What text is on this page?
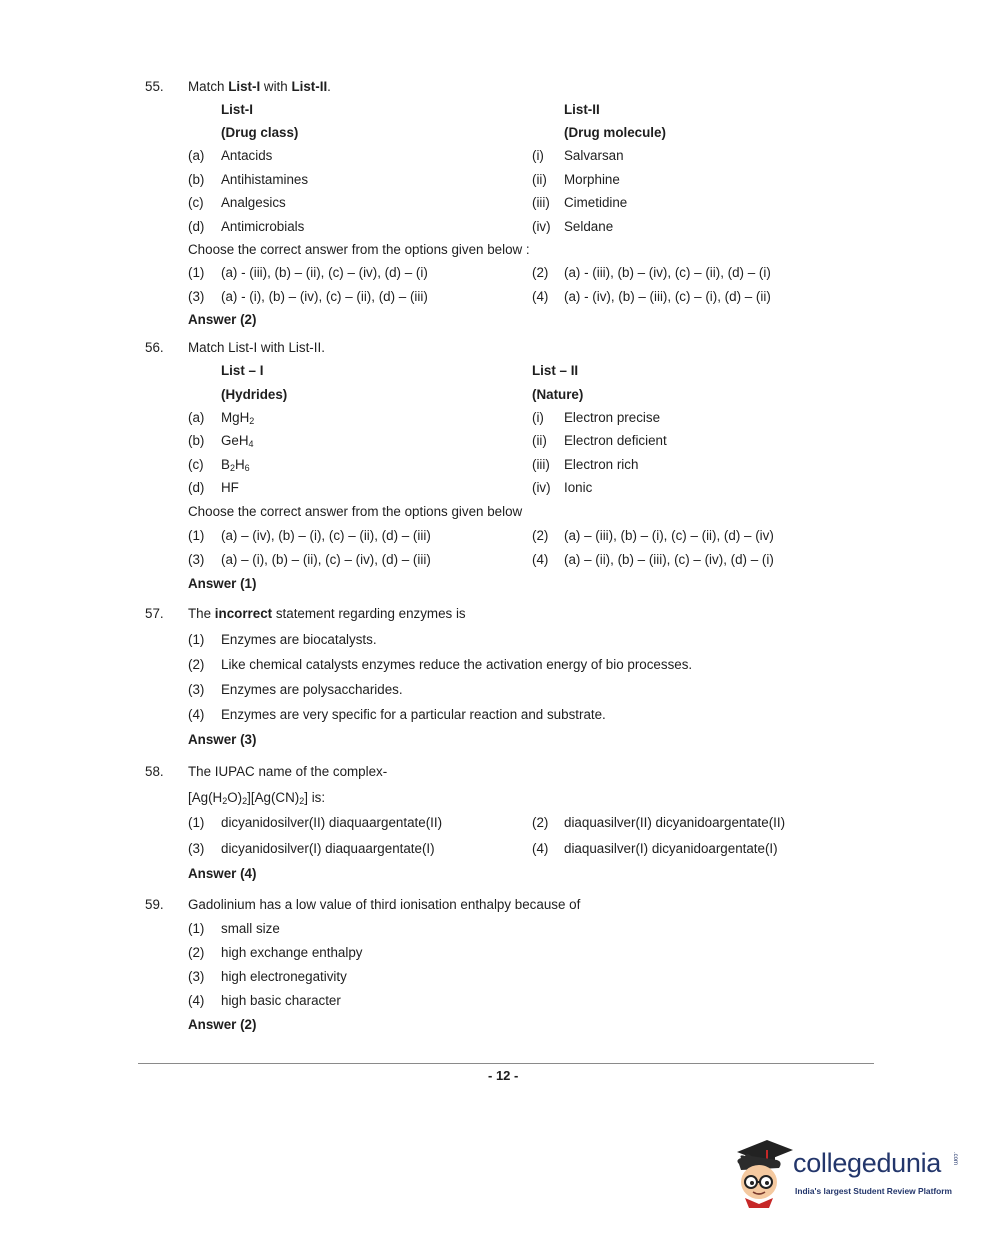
55. Match List-I with List-II.
List-I	List-II
(Drug class)	(Drug molecule)
(a) Antacids	(i) Salvarsan
(b) Antihistamines	(ii) Morphine
(c) Analgesics	(iii) Cimetidine
(d) Antimicrobials	(iv) Seldane
Choose the correct answer from the options given below :
(1) (a) - (iii), (b) – (ii), (c) – (iv), (d) – (i)	(2) (a) - (iii), (b) – (iv), (c) – (ii), (d) – (i)
(3) (a) - (i), (b) – (iv), (c) – (ii), (d) – (iii)	(4) (a) - (iv), (b) – (iii), (c) – (i), (d) – (ii)
Answer (2)
56. Match List-I with List-II.
List – I	List – II
(Hydrides)	(Nature)
(a) MgH$_2$	(i) Electron precise
(b) GeH$_4$	(ii) Electron deficient
(c) $B_2H_6$	(iii) Electron rich
(d) HF	(iv) Ionic
Choose the correct answer from the options given below
(1) (a) – (iv), (b) – (i), (c) – (ii), (d) – (iii)	(2) (a) – (iii), (b) – (i), (c) – (ii), (d) – (iv)
(3) (a) – (i), (b) – (ii), (c) – (iv), (d) – (iii)	(4) (a) – (ii), (b) – (iii), (c) – (iv), (d) – (i)
Answer (1)
57. The incorrect statement regarding enzymes is
(1) Enzymes are biocatalysts.
(2) Like chemical catalysts enzymes reduce the activation energy of bio processes.
(3) Enzymes are polysaccharides.
(4) Enzymes are very specific for a particular reaction and substrate.
Answer (3)
58. The IUPAC name of the complex-
$[Ag(H_2O)_2][Ag(CN)_2]$ is:
(1) dicyanidosilver(II) diaquaargentate(II)	(2) diaquasilver(II) dicyanidoargentate(II)
(3) dicyanidosilver(I) diaquaargentate(I)	(4) diaquasilver(I) dicyanidoargentate(I)
Answer (4)
59. Gadolinium has a low value of third ionisation enthalpy because of
(1) small size
(2) high exchange enthalpy
(3) high electronegativity
(4) high basic character
Answer (2)
- 12 -
collegedunia .com
India's largest Student Review Platform
